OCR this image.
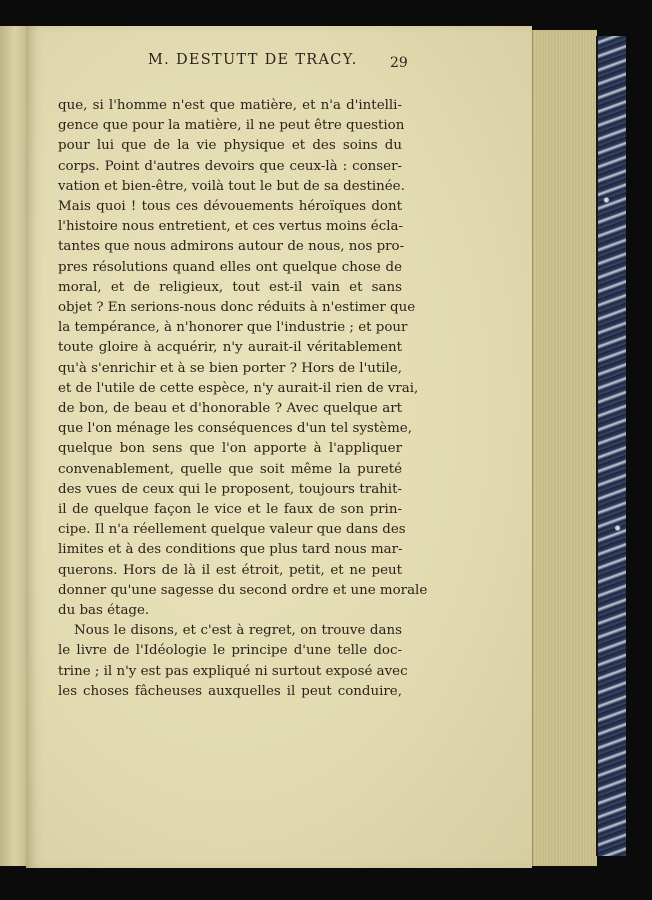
M. DESTUTT DE TRACY. 29
que, si l'homme n'est que matière, et n'a d'intelli-
gence que pour la matière, il ne peut être question
pour lui que de la vie physique et des soins du
corps. Point d'autres devoirs que ceux-là : conser-
vation et bien-être, voilà tout le but de sa destinée.
Mais quoi ! tous ces dévouements héroïques dont
l'histoire nous entretient, et ces vertus moins écla-
tantes que nous admirons autour de nous, nos pro-
pres résolutions quand elles ont quelque chose de
moral, et de religieux, tout est-il vain et sans
objet ? En serions-nous donc réduits à n'estimer que
la tempérance, à n'honorer que l'industrie ; et pour
toute gloire à acquérir, n'y aurait-il véritablement
qu'à s'enrichir et à se bien porter ? Hors de l'utile,
et de l'utile de cette espèce, n'y aurait-il rien de vrai,
de bon, de beau et d'honorable ? Avec quelque art
que l'on ménage les conséquences d'un tel système,
quelque bon sens que l'on apporte à l'appliquer
convenablement, quelle que soit même la pureté
des vues de ceux qui le proposent, toujours trahit-
il de quelque façon le vice et le faux de son prin-
cipe. Il n'a réellement quelque valeur que dans des
limites et à des conditions que plus tard nous mar-
querons. Hors de là il est étroit, petit, et ne peut
donner qu'une sagesse du second ordre et une morale
du bas étage.
Nous le disons, et c'est à regret, on trouve dans
le livre de l'Idéologie le principe d'une telle doc-
trine ; il n'y est pas expliqué ni surtout exposé avec
les choses fâcheuses auxquelles il peut conduire,
